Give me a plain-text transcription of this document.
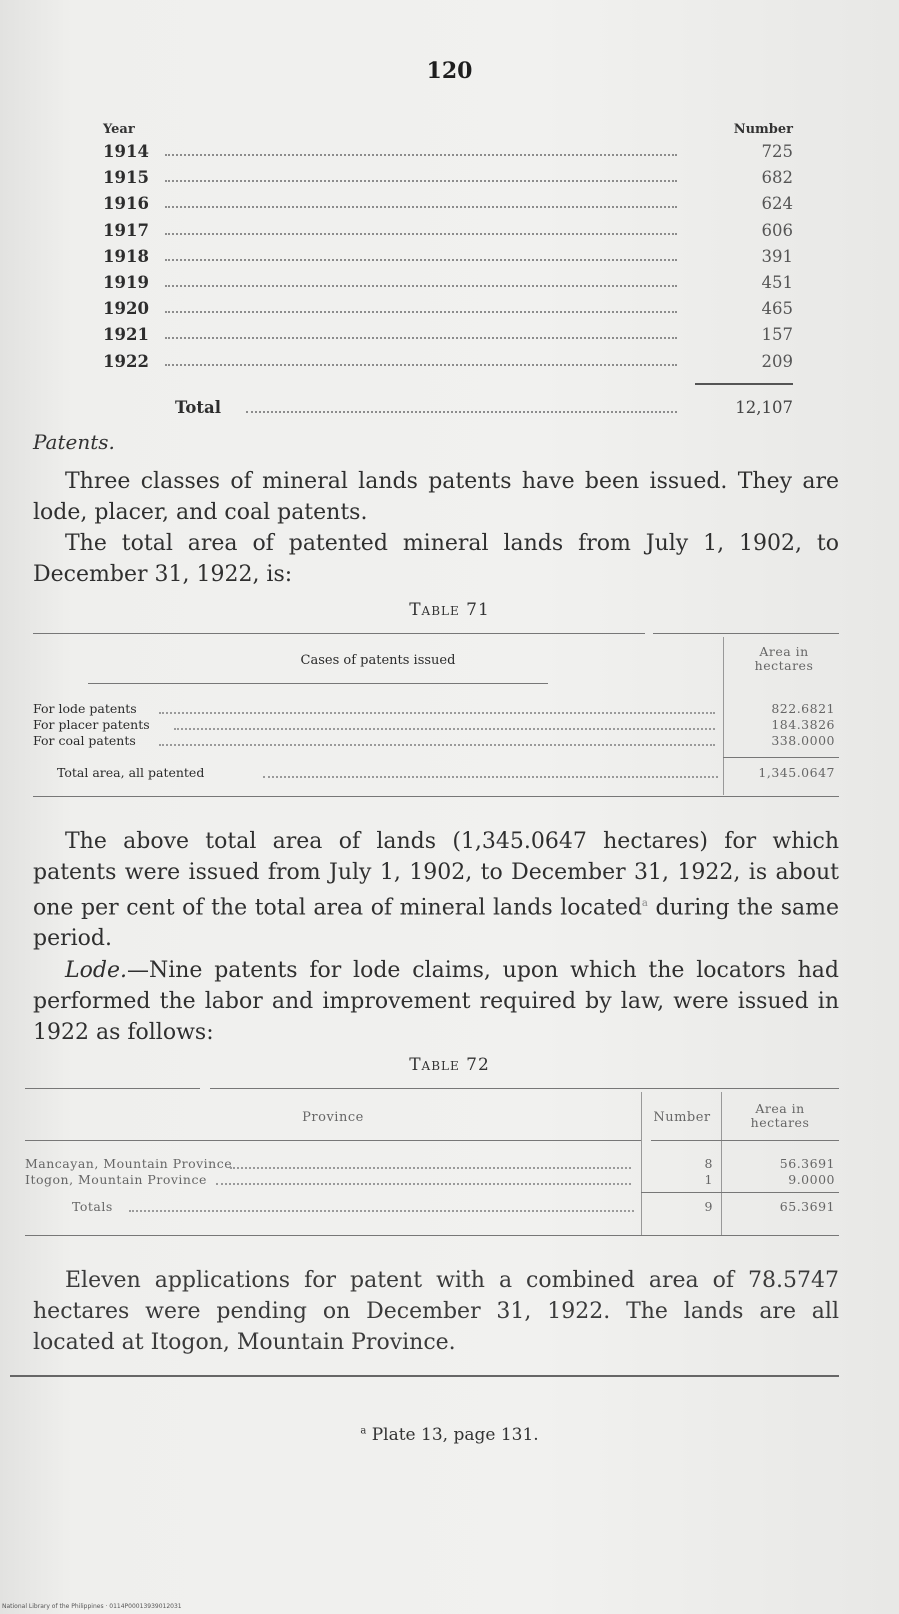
120
Year	Number
1914	725
1915	682
1916	624
1917	606
1918	391
1919	451
1920	465
1921	157
1922	209
Total	12,107
Patents.
Three classes of mineral lands patents have been issued. They are lode, placer, and coal patents.
The total area of patented mineral lands from July 1, 1902, to December 31, 1922, is:
Table 71
Cases of patents issued
Area in hectares
For lode patents	822.6821
For placer patents	184.3826
For coal patents	338.0000
Total area, all patented	1,345.0647
The above total area of lands (1,345.0647 hectares) for which patents were issued from July 1, 1902, to December 31, 1922, is about one per cent of the total area of mineral lands located$^a$ during the same period.
Lode.—Nine patents for lode claims, upon which the locators had performed the labor and improvement required by law, were issued in 1922 as follows:
Table 72
Province	Number
Area in hectares
Mancayan, Mountain Province	8	56.3691
Itogon, Mountain Province	1	9.0000
Totals	9	65.3691
Eleven applications for patent with a combined area of 78.5747 hectares were pending on December 31, 1922. The lands are all located at Itogon, Mountain Province.
$^a$ Plate 13, page 131.
National Library of the Philippines · 0114P00013939012031
